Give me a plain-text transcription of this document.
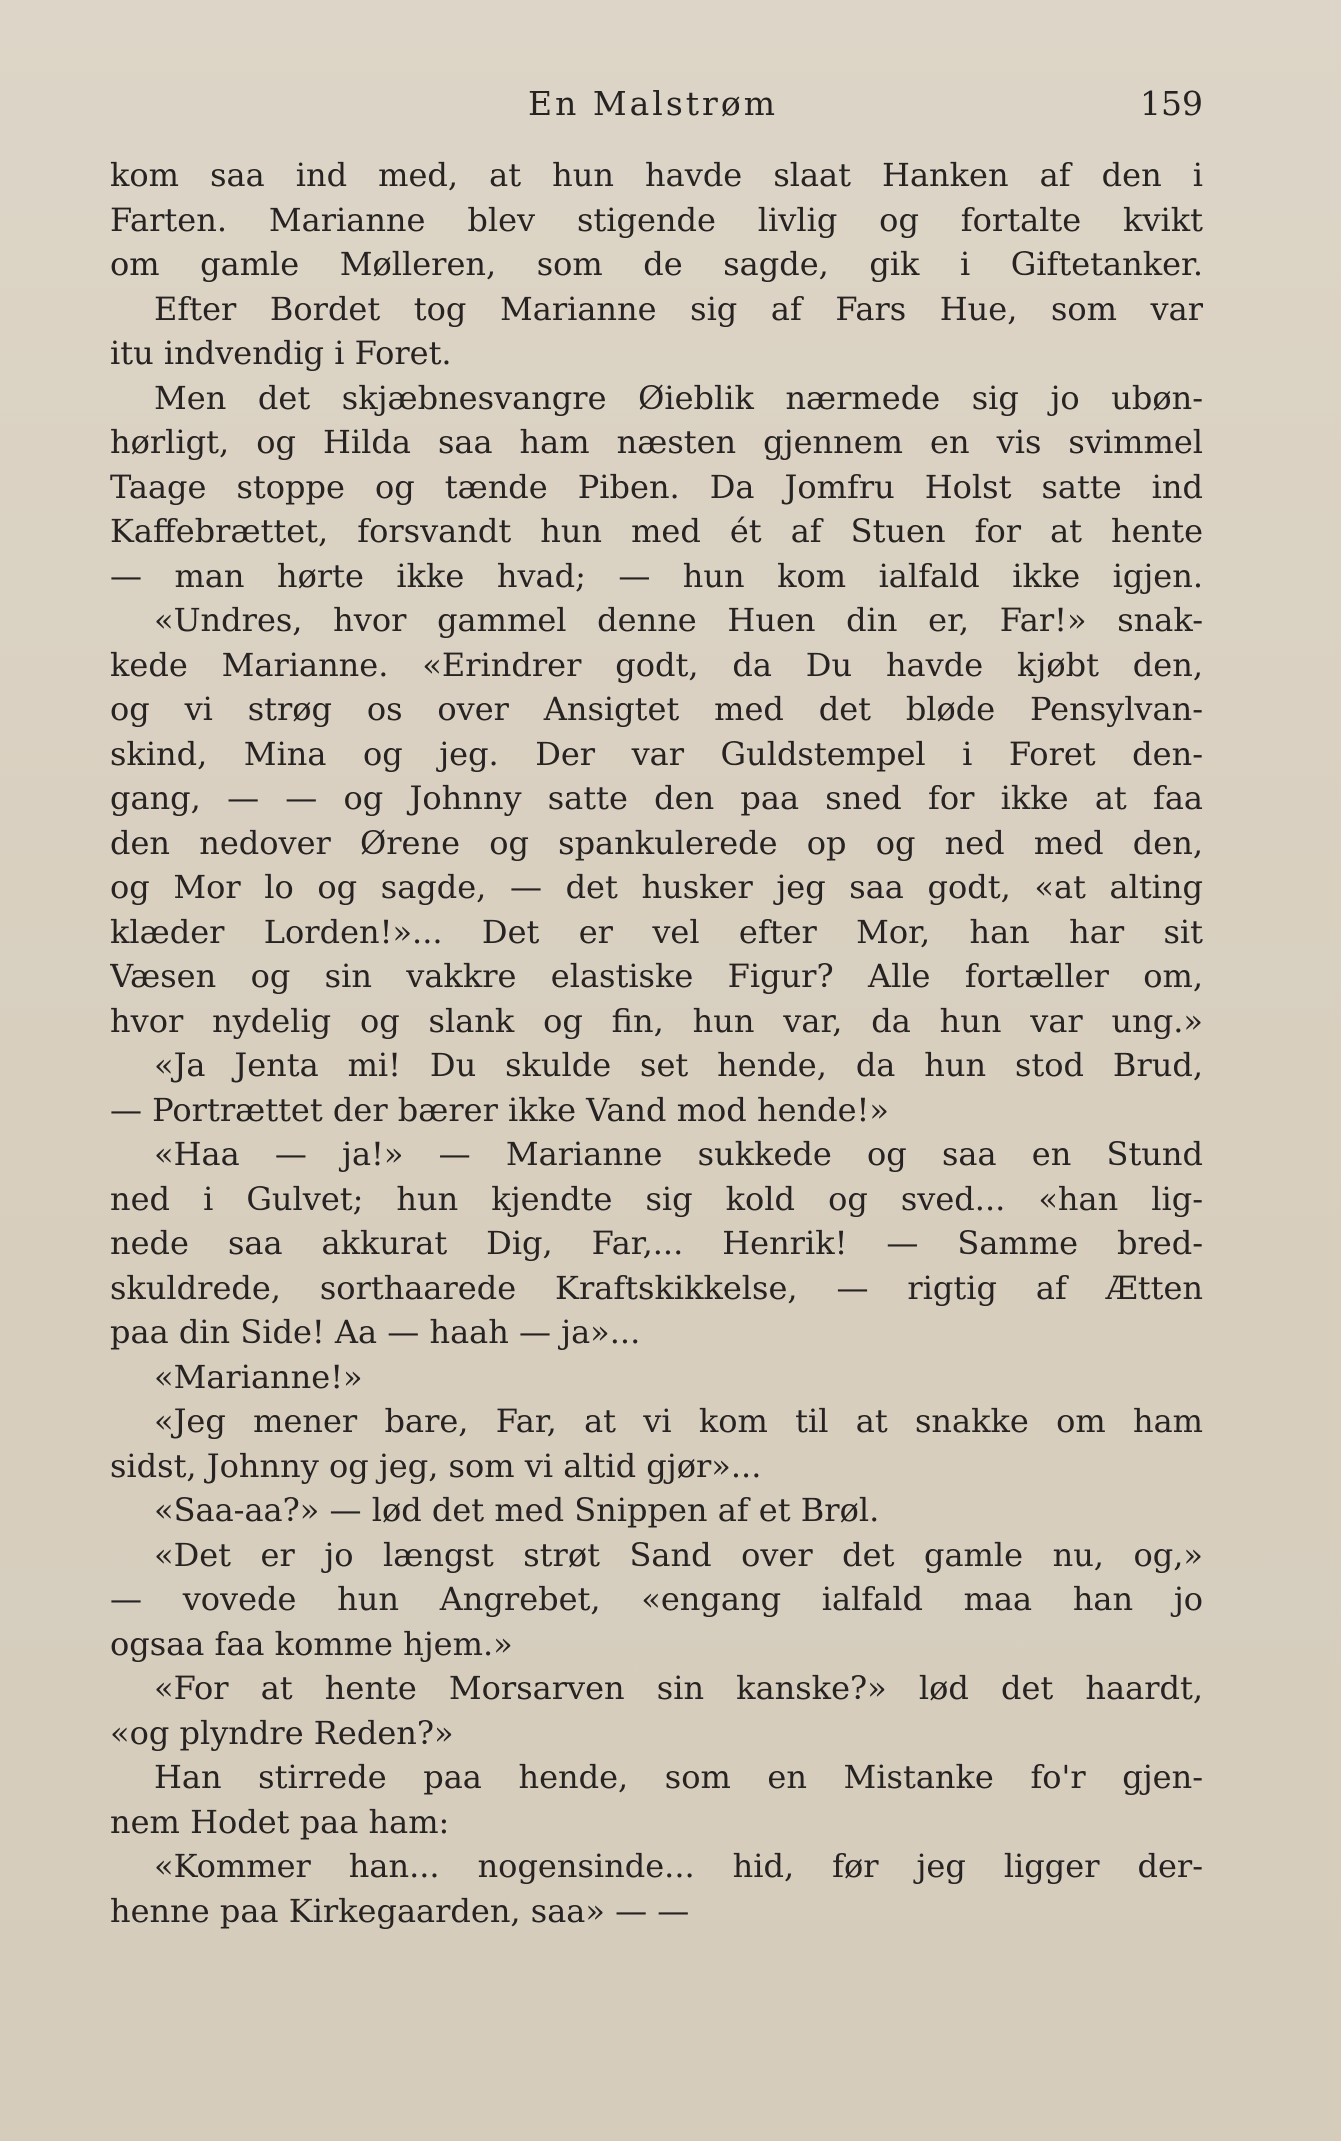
En Malstrøm	159
kom saa ind med, at hun havde slaat Hanken af den i
Farten. Marianne blev stigende livlig og fortalte kvikt
om gamle Mølleren, som de sagde, gik i Giftetanker.
Efter Bordet tog Marianne sig af Fars Hue, som var
itu indvendig i Foret.
Men det skjæbnesvangre Øieblik nærmede sig jo ubøn-
hørligt, og Hilda saa ham næsten gjennem en vis svimmel
Taage stoppe og tænde Piben. Da Jomfru Holst satte ind
Kaffebrættet, forsvandt hun med ét af Stuen for at hente
— man hørte ikke hvad; — hun kom ialfald ikke igjen.
«Undres, hvor gammel denne Huen din er, Far!» snak-
kede Marianne. «Erindrer godt, da Du havde kjøbt den,
og vi strøg os over Ansigtet med det bløde Pensylvan-
skind, Mina og jeg. Der var Guldstempel i Foret den-
gang, — — og Johnny satte den paa sned for ikke at faa
den nedover Ørene og spankulerede op og ned med den,
og Mor lo og sagde, — det husker jeg saa godt, «at alting
klæder Lorden!»... Det er vel efter Mor, han har sit
Væsen og sin vakkre elastiske Figur? Alle fortæller om,
hvor nydelig og slank og fin, hun var, da hun var ung.»
«Ja Jenta mi! Du skulde set hende, da hun stod Brud,
— Portrættet der bærer ikke Vand mod hende!»
«Haa — ja!» — Marianne sukkede og saa en Stund
ned i Gulvet; hun kjendte sig kold og sved... «han lig-
nede saa akkurat Dig, Far,... Henrik! — Samme bred-
skuldrede, sorthaarede Kraftskikkelse, — rigtig af Ætten
paa din Side! Aa — haah — ja»...
«Marianne!»
«Jeg mener bare, Far, at vi kom til at snakke om ham
sidst, Johnny og jeg, som vi altid gjør»...
«Saa-aa?» — lød det med Snippen af et Brøl.
«Det er jo længst strøt Sand over det gamle nu, og,»
— vovede hun Angrebet, «engang ialfald maa han jo
ogsaa faa komme hjem.»
«For at hente Morsarven sin kanske?» lød det haardt,
«og plyndre Reden?»
Han stirrede paa hende, som en Mistanke fo'r gjen-
nem Hodet paa ham:
«Kommer han... nogensinde... hid, før jeg ligger der-
henne paa Kirkegaarden, saa» — —
